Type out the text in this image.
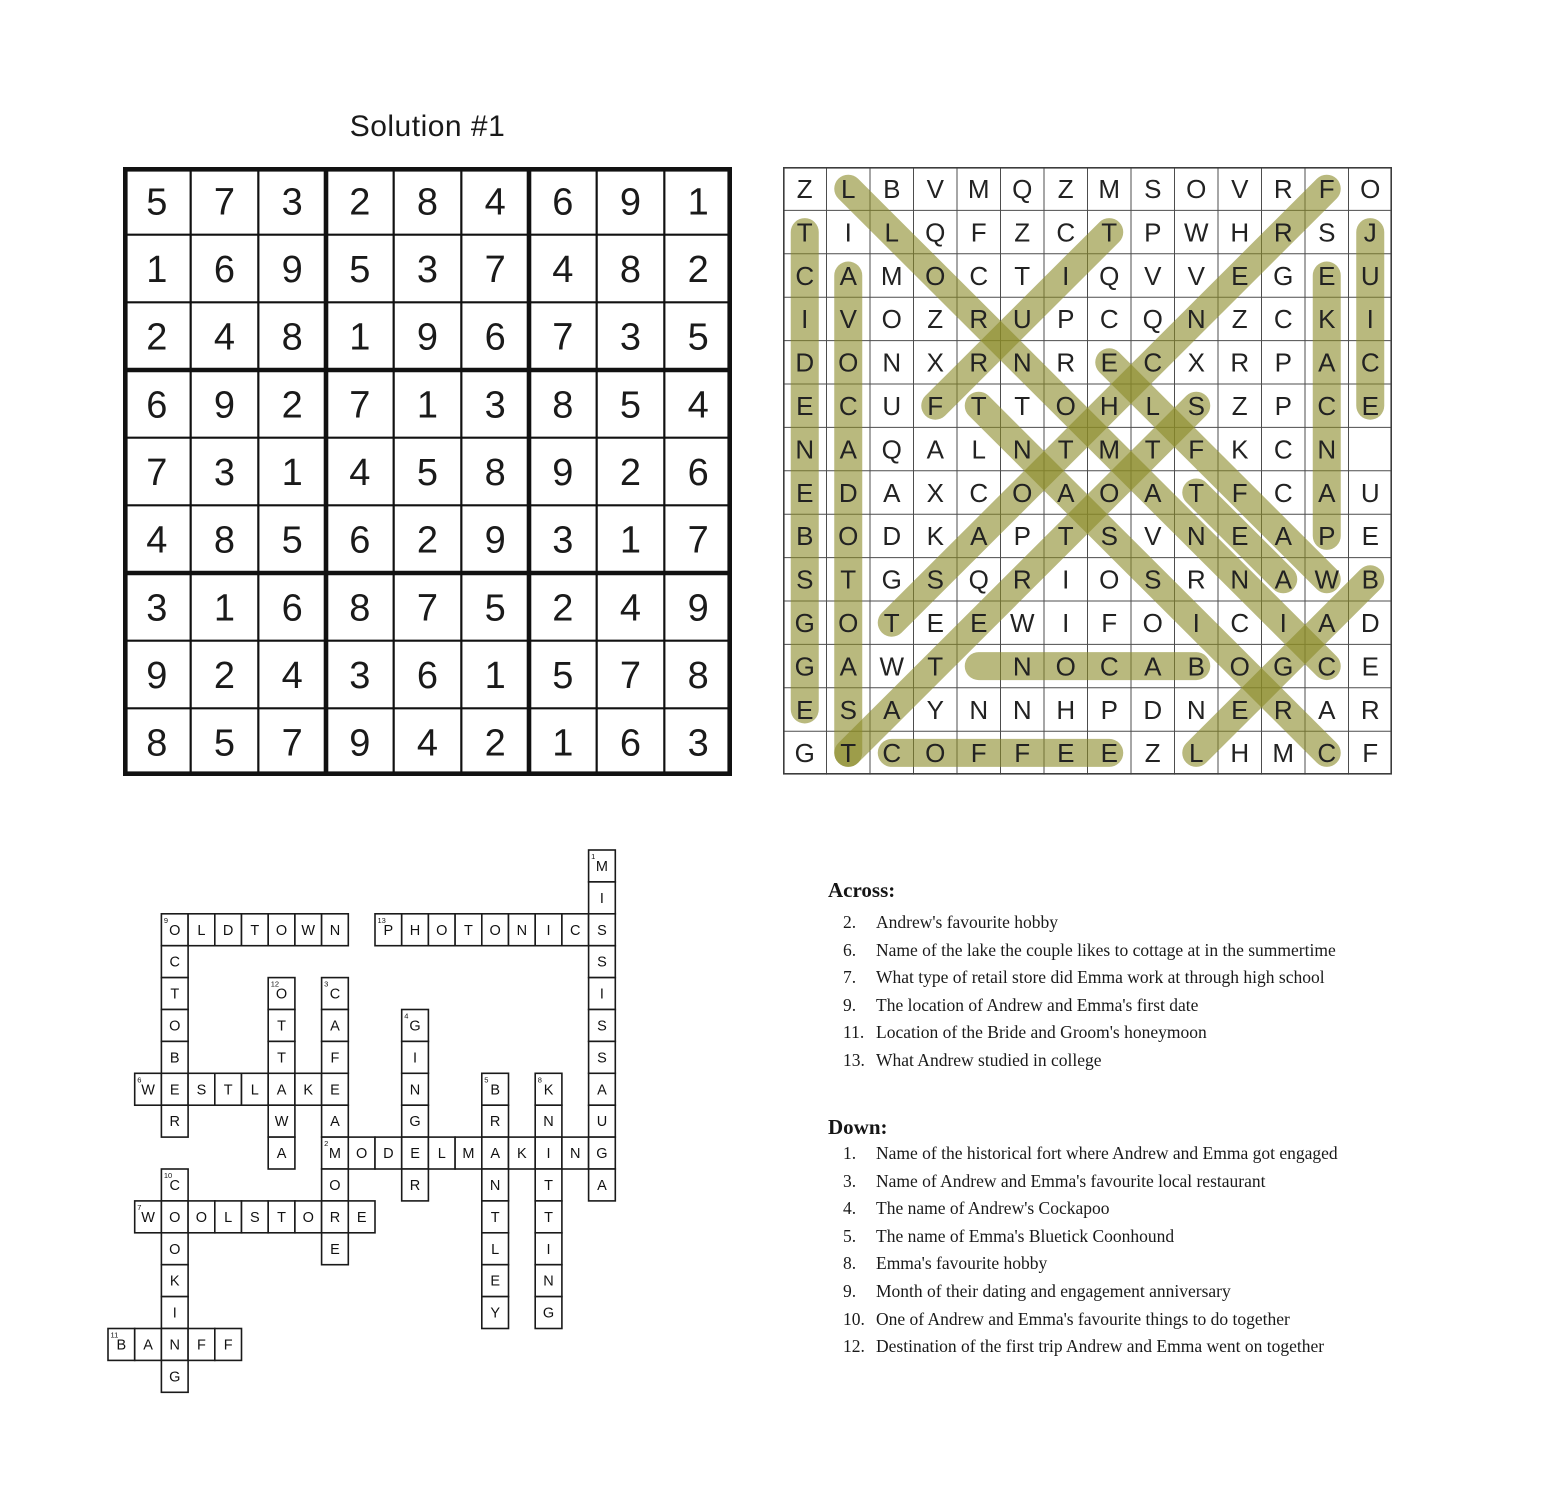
Solution #1
5 7 3 2 8 4 6 9 1
1 6 9 5 3 7 4 8 2
2 4 8 1 9 6 7 3 5
6 9 2 7 1 3 8 5 4
7 3 1 4 5 8 9 2 6
4 8 5 6 2 9 3 1 7
3 1 6 8 7 5 2 4 9
9 2 4 3 6 1 5 7 8
8 5 7 9 4 2 1 6 3
Z L B V M Q Z M S O V R F O
T I L Q F Z C T P W H R S J
C A M O C T I Q V V E G E U
I V O Z R U P C Q N Z C K I
D O N X R N R E C X R P A C
E C U F T T O H L S Z P C E
N A Q A L N T M T F K C N
E D A X C O A O A T F C A U
B O D K A P T S V N E A P E
S T G S Q R I O S R N A W B
G O T E E W I F O I C I A D
G A W T	N O C A B O G C E
E S A Y N N H P D N E R A R
G T C O F F E E Z L H M C F
M
1
I
O
9
L D T O W N	P
13
H O T O N I C S
C	S
T	O
12
C
3
I
O	T	A	G
4
S
B	T	F	I	S
W
6
E S T L A K E	N	B
5
K
8
A
R	W	A	G	R	N	U
A	M
2
O D E L M A K I N G
C
10
O	R	N	T	A
W
7
O O L S T O R E	T	T
O	E	L	I
K	E	N
I	Y	G
B
11
A N F F
G
Across:
2. Andrew's favourite hobby
6. Name of the lake the couple likes to cottage at in the summertime
7. What type of retail store did Emma work at through high school
9. The location of Andrew and Emma's first date
11. Location of the Bride and Groom's honeymoon
13. What Andrew studied in college
Down:
1. Name of the historical fort where Andrew and Emma got engaged
3. Name of Andrew and Emma's favourite local restaurant
4. The name of Andrew's Cockapoo
5. The name of Emma's Bluetick Coonhound
8. Emma's favourite hobby
9. Month of their dating and engagement anniversary
10. One of Andrew and Emma's favourite things to do together
12. Destination of the first trip Andrew and Emma went on together
